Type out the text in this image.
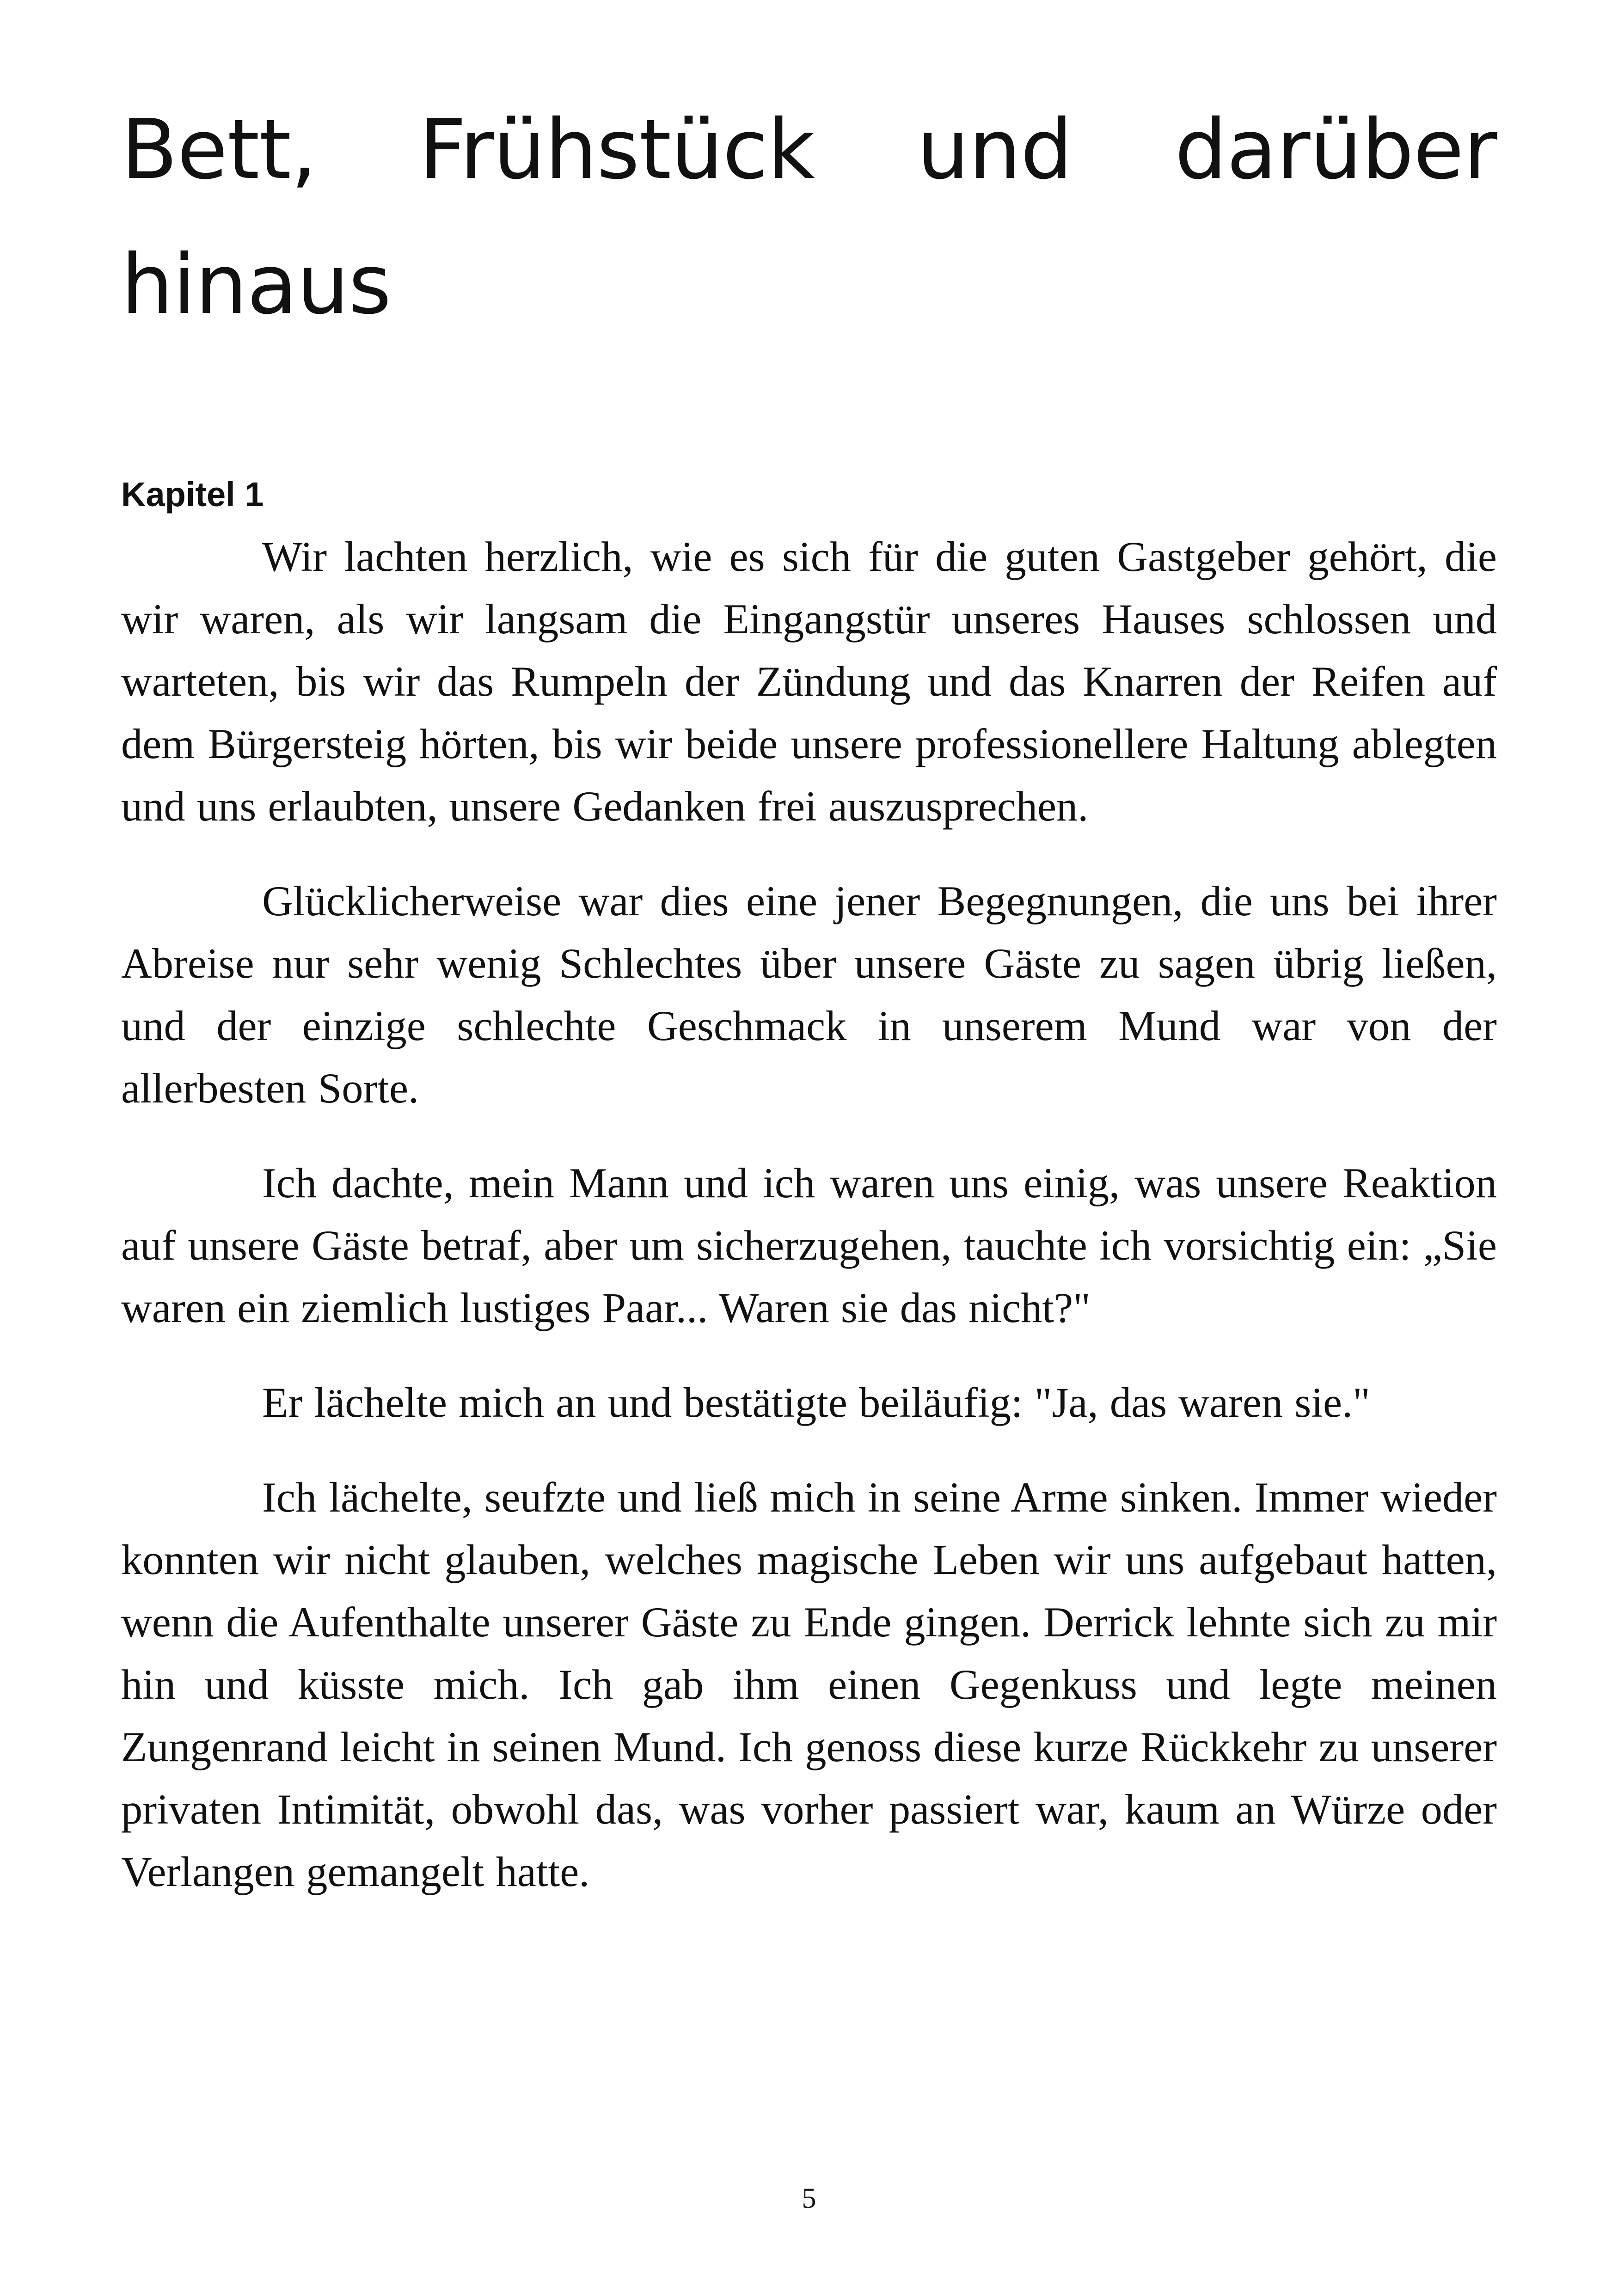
Bett, Frühstück und darüber hinaus
Kapitel 1

Wir lachten herzlich, wie es sich für die guten Gastgeber gehört, die wir waren, als wir langsam die Eingangstür unseres Hauses schlossen und warteten, bis wir das Rumpeln der Zündung und das Knarren der Reifen auf dem Bürgersteig hörten, bis wir beide unsere professionellere Haltung ablegten und uns erlaubten, unsere Gedanken frei auszusprechen.

Glücklicherweise war dies eine jener Begegnungen, die uns bei ihrer Abreise nur sehr wenig Schlechtes über unsere Gäste zu sagen übrig ließen, und der einzige schlechte Geschmack in unserem Mund war von der allerbesten Sorte.

Ich dachte, mein Mann und ich waren uns einig, was unsere Reaktion auf unsere Gäste betraf, aber um sicherzugehen, tauchte ich vorsichtig ein: „Sie waren ein ziemlich lustiges Paar... Waren sie das nicht?"

Er lächelte mich an und bestätigte beiläufig: "Ja, das waren sie."

Ich lächelte, seufzte und ließ mich in seine Arme sinken. Immer wieder konnten wir nicht glauben, welches magische Leben wir uns aufgebaut hatten, wenn die Aufenthalte unserer Gäste zu Ende gingen. Derrick lehnte sich zu mir hin und küsste mich. Ich gab ihm einen Gegenkuss und legte meinen Zungenrand leicht in seinen Mund. Ich genoss diese kurze Rückkehr zu unserer privaten Intimität, obwohl das, was vorher passiert war, kaum an Würze oder Verlangen gemangelt hatte.

5
